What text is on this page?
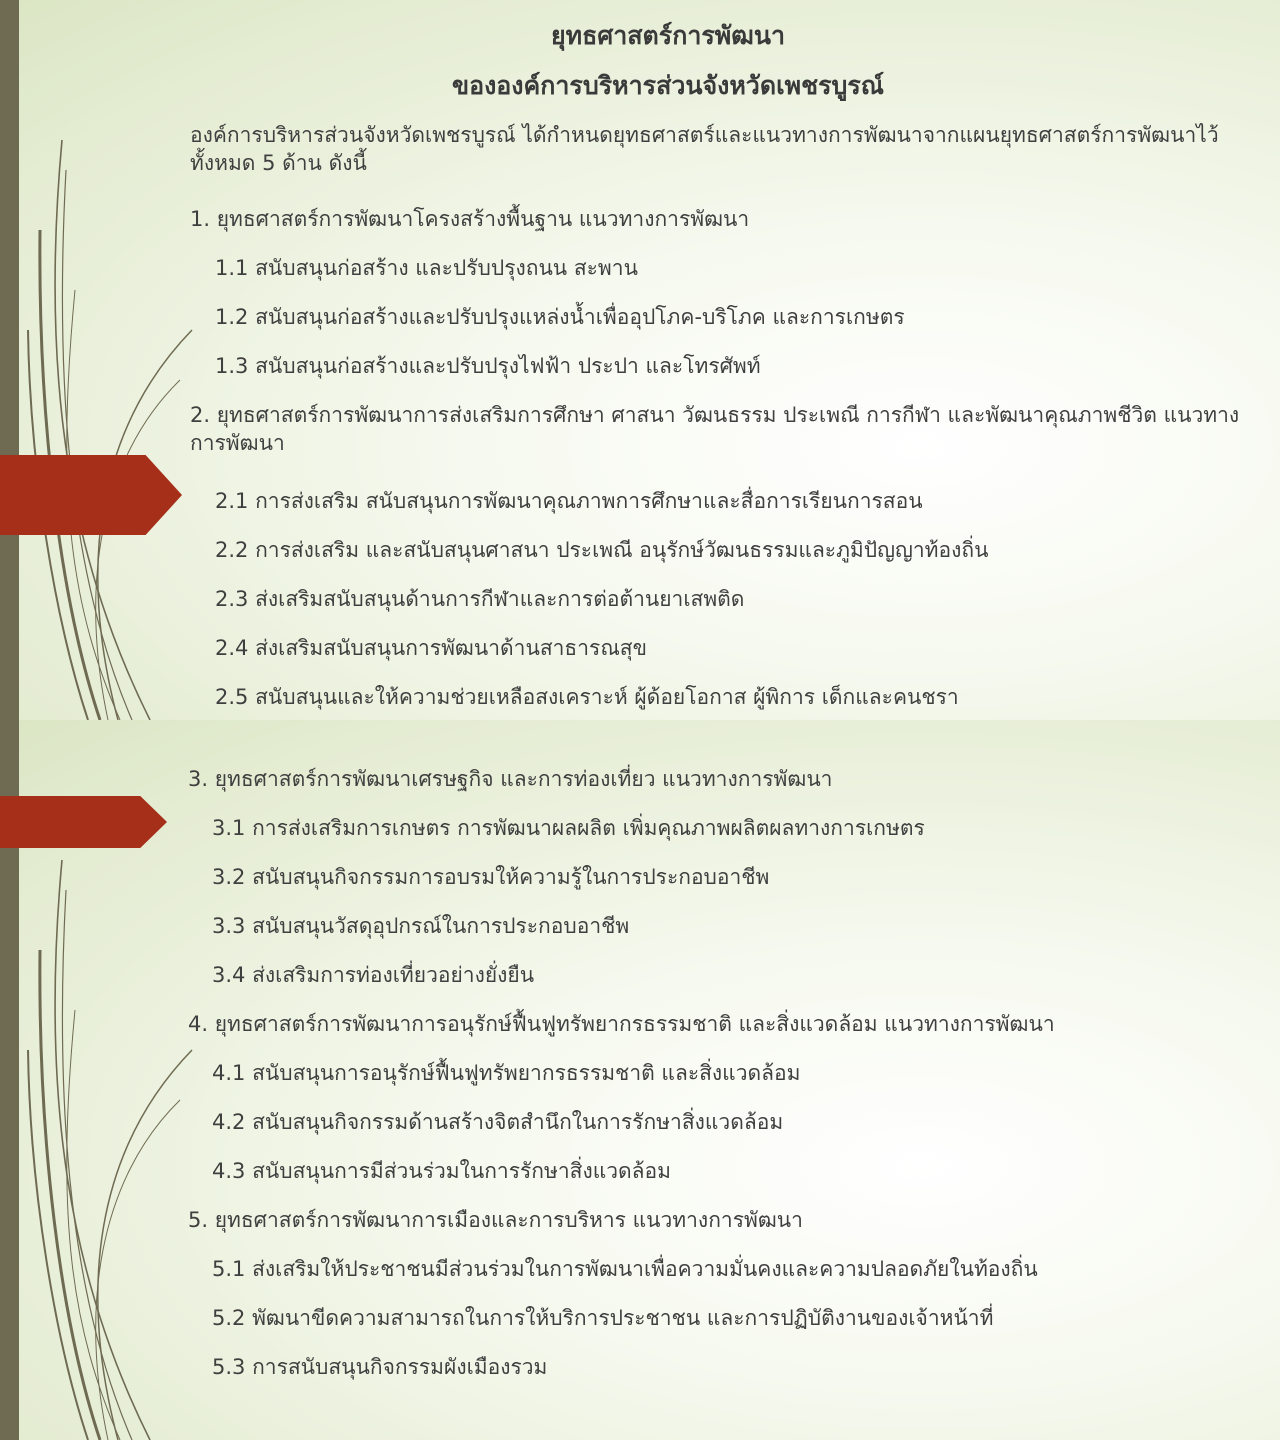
ยุทธศาสตร์การพัฒนา
ขององค์การบริหารส่วนจังหวัดเพชรบูรณ์

องค์การบริหารส่วนจังหวัดเพชรบูรณ์ ได้กำหนดยุทธศาสตร์และแนวทางการพัฒนาจากแผนยุทธศาสตร์การพัฒนาไว้ทั้งหมด 5 ด้าน ดังนี้

1. ยุทธศาสตร์การพัฒนาโครงสร้างพื้นฐาน แนวทางการพัฒนา

1.1 สนับสนุนก่อสร้าง และปรับปรุงถนน สะพาน

1.2 สนับสนุนก่อสร้างและปรับปรุงแหล่งน้ำเพื่ออุปโภค-บริโภค และการเกษตร

1.3 สนับสนุนก่อสร้างและปรับปรุงไฟฟ้า ประปา และโทรศัพท์

2. ยุทธศาสตร์การพัฒนาการส่งเสริมการศึกษา ศาสนา วัฒนธรรม ประเพณี การกีฬา และพัฒนาคุณภาพชีวิต แนวทางการพัฒนา

2.1 การส่งเสริม สนับสนุนการพัฒนาคุณภาพการศึกษาและสื่อการเรียนการสอน

2.2 การส่งเสริม และสนับสนุนศาสนา ประเพณี อนุรักษ์วัฒนธรรมและภูมิปัญญาท้องถิ่น

2.3 ส่งเสริมสนับสนุนด้านการกีฬาและการต่อต้านยาเสพติด

2.4 ส่งเสริมสนับสนุนการพัฒนาด้านสาธารณสุข

2.5 สนับสนุนและให้ความช่วยเหลือสงเคราะห์ ผู้ด้อยโอกาส ผู้พิการ เด็กและคนชรา

3. ยุทธศาสตร์การพัฒนาเศรษฐกิจ และการท่องเที่ยว แนวทางการพัฒนา

3.1 การส่งเสริมการเกษตร การพัฒนาผลผลิต เพิ่มคุณภาพผลิตผลทางการเกษตร

3.2 สนับสนุนกิจกรรมการอบรมให้ความรู้ในการประกอบอาชีพ

3.3 สนับสนุนวัสดุอุปกรณ์ในการประกอบอาชีพ

3.4 ส่งเสริมการท่องเที่ยวอย่างยั่งยืน

4. ยุทธศาสตร์การพัฒนาการอนุรักษ์ฟื้นฟูทรัพยากรธรรมชาติ และสิ่งแวดล้อม แนวทางการพัฒนา

4.1 สนับสนุนการอนุรักษ์ฟื้นฟูทรัพยากรธรรมชาติ และสิ่งแวดล้อม

4.2 สนับสนุนกิจกรรมด้านสร้างจิตสำนึกในการรักษาสิ่งแวดล้อม

4.3 สนับสนุนการมีส่วนร่วมในการรักษาสิ่งแวดล้อม

5. ยุทธศาสตร์การพัฒนาการเมืองและการบริหาร แนวทางการพัฒนา

5.1 ส่งเสริมให้ประชาชนมีส่วนร่วมในการพัฒนาเพื่อความมั่นคงและความปลอดภัยในท้องถิ่น

5.2 พัฒนาขีดความสามารถในการให้บริการประชาชน และการปฏิบัติงานของเจ้าหน้าที่

5.3 การสนับสนุนกิจกรรมผังเมืองรวม
